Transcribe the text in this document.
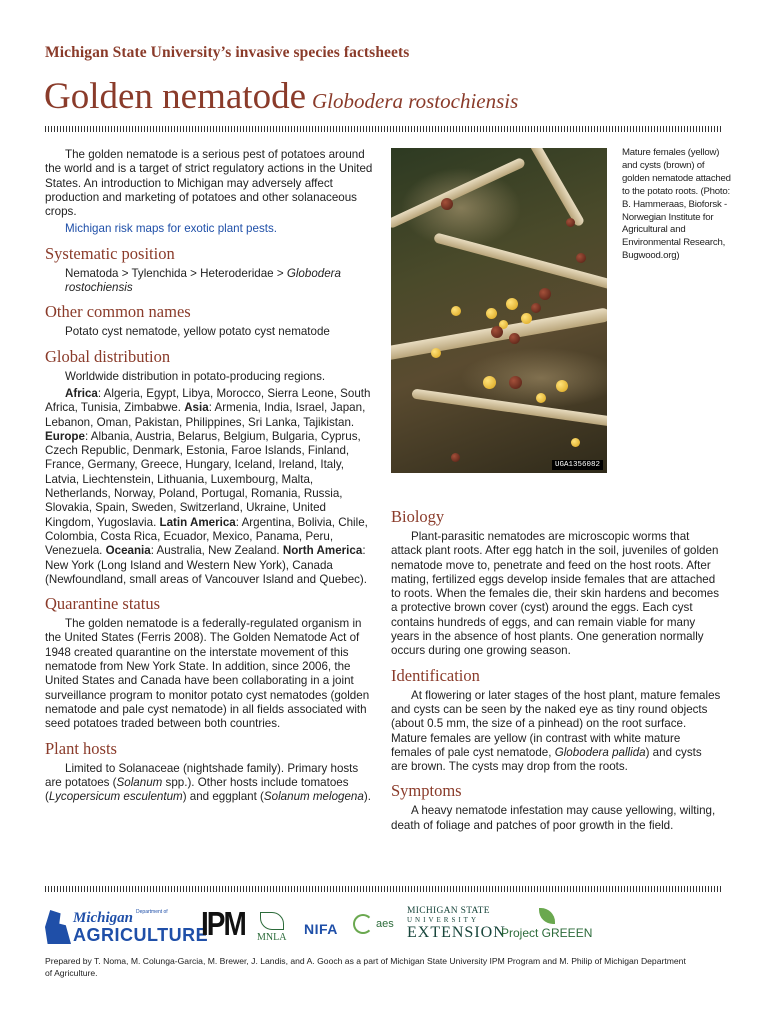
Michigan State University’s invasive species factsheets
Golden nematode Globodera rostochiensis

The golden nematode is a serious pest of potatoes around the world and is a target of strict regulatory actions in the United States. An introduction to Michigan may adversely affect production and marketing of potatoes and other solanaceous crops.

Michigan risk maps for exotic plant pests.

Systematic position

Nematoda > Tylenchida > Heteroderidae > Globodera rostochiensis

Other common names

Potato cyst nematode, yellow potato cyst nematode

Global distribution

Worldwide distribution in potato-producing regions.

Africa: Algeria, Egypt, Libya, Morocco, Sierra Leone, South Africa, Tunisia, Zimbabwe. Asia: Armenia, India, Israel, Japan, Lebanon, Oman, Pakistan, Philippines, Sri Lanka, Tajikistan. Europe: Albania, Austria, Belarus, Belgium, Bulgaria, Cyprus, Czech Republic, Denmark, Estonia, Faroe Islands, Finland, France, Germany, Greece, Hungary, Iceland, Ireland, Italy, Latvia, Liechtenstein, Lithuania, Luxembourg, Malta, Netherlands, Norway, Poland, Portugal, Romania, Russia, Slovakia, Spain, Sweden, Switzerland, Ukraine, United Kingdom, Yugoslavia. Latin America: Argentina, Bolivia, Chile, Colombia, Costa Rica, Ecuador, Mexico, Panama, Peru, Venezuela. Oceania: Australia, New Zealand. North America: New York (Long Island and Western New York), Canada (Newfoundland, small areas of Vancouver Island and Quebec).

Quarantine status

The golden nematode is a federally-regulated organism in the United States (Ferris 2008). The Golden Nematode Act of 1948 created quarantine on the interstate movement of this nematode from New York State. In addition, since 2006, the United States and Canada have been collaborating in a joint surveillance program to monitor potato cyst nematodes (golden nematode and pale cyst nematode) in all fields associated with seed potatoes traded between both countries.

Plant hosts

Limited to Solanaceae (nightshade family). Primary hosts are potatoes (Solanum spp.). Other hosts include tomatoes (Lycopersicum esculentum) and eggplant (Solanum melogena).

UGA1356082
Mature females (yellow) and cysts (brown) of golden nematode attached to the potato roots. (Photo: B. Hammeraas, Bioforsk - Norwegian Institute for Agricultural and Environmental Research, Bugwood.org)
Biology

Plant-parasitic nematodes are microscopic worms that attack plant roots. After egg hatch in the soil, juveniles of golden nematode move to, penetrate and feed on the host roots. After mating, fertilized eggs develop inside females that are attached to roots. When the females die, their skin hardens and becomes a protective brown cover (cyst) around the eggs. Each cyst contains hundreds of eggs, and can remain viable for many years in the absence of host plants. One generation normally occurs during one growing season.

Identification

At flowering or later stages of the host plant, mature females and cysts can be seen by the naked eye as tiny round objects (about 0.5 mm, the size of a pinhead) on the root surface. Mature females are yellow (in contrast with white mature females of pale cyst nematode, Globodera pallida) and cysts are brown. The cysts may drop from the roots.

Symptoms

A heavy nematode infestation may cause yellowing, wilting, death of foliage and patches of poor growth in the field.

Michigan $^{Department of}$
AGRICULTURE
IPM MNLA
NIFA	aes
MICHIGAN STATE
UNIVERSITY
EXTENSION
Project GREEEN
Prepared by T. Noma, M. Colunga-Garcia, M. Brewer, J. Landis, and A. Gooch as a part of Michigan State University IPM Program and M. Philip of Michigan Department of Agriculture.
